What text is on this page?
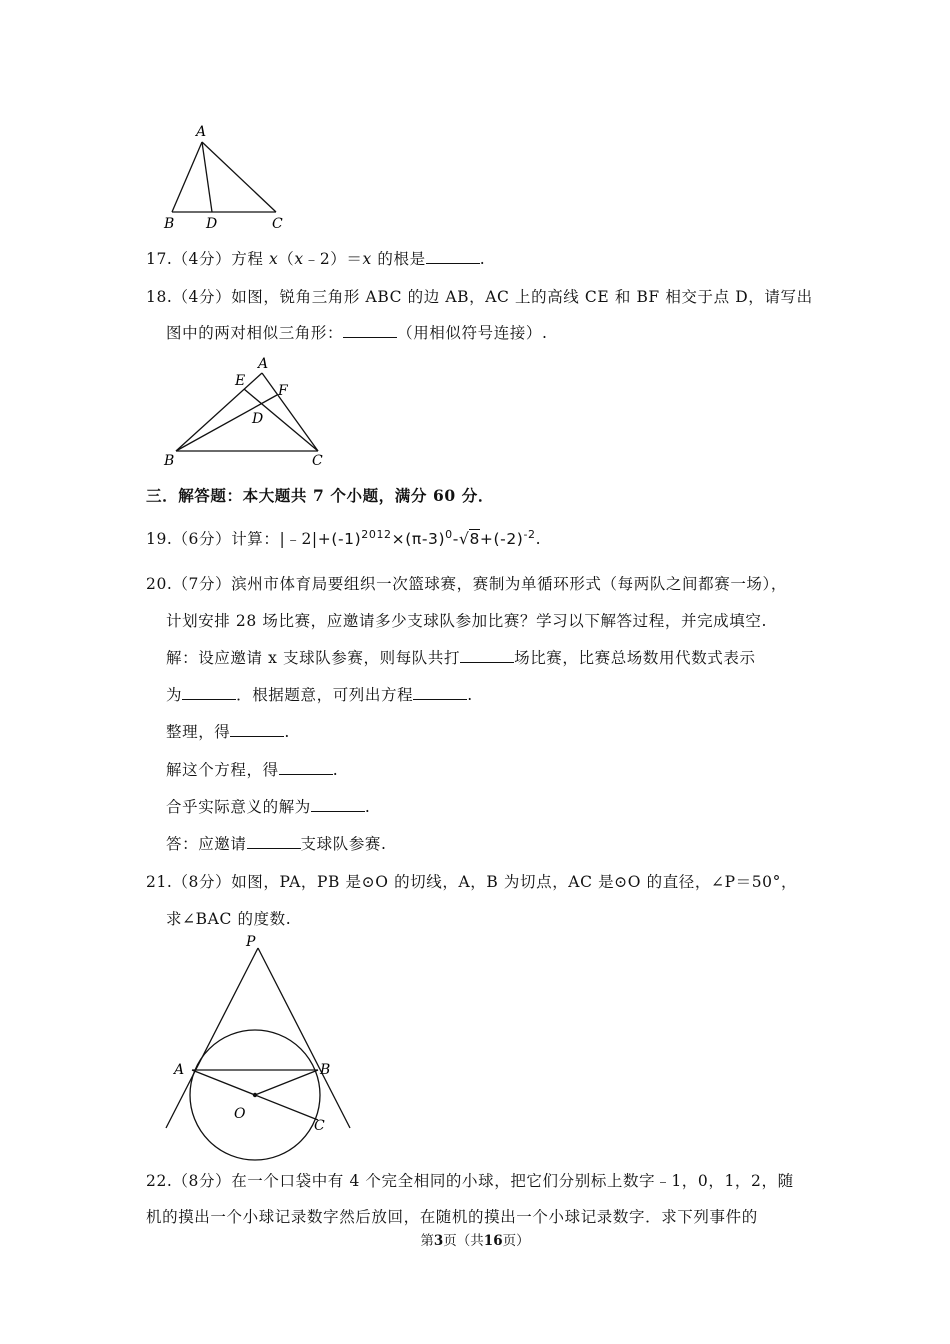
A
B D	C
17.（4分）方程 x（x﹣2）＝x 的根是	.
18.（4分）如图，锐角三角形 ABC 的边 AB，AC 上的高线 CE 和 BF 相交于点 D，请写出
图中的两对相似三角形：	（用相似符号连接）.
A
E
F
D
B	C
三．解答题：本大题共 7 个小题，满分 60 分．
19.（6分）计算：$|﹣2|+(-1)^{2012}\times(\pi-3)^0-√8+(-2)^{-2}$.
20.（7分）滨州市体育局要组织一次篮球赛，赛制为单循环形式（每两队之间都赛一场），
计划安排 28 场比赛，应邀请多少支球队参加比赛？学习以下解答过程，并完成填空.
解：设应邀请 x 支球队参赛，则每队共打	场比赛，比赛总场数用代数式表示
为	．根据题意，可列出方程	.
整理，得	.
解这个方程，得	.
合乎实际意义的解为	.
答：应邀请	支球队参赛.
21.（8分）如图，PA，PB 是⊙O 的切线，A，B 为切点，AC 是⊙O 的直径，∠P＝50°，
求∠BAC 的度数.
P
A	B
O
C
22.（8分）在一个口袋中有 4 个完全相同的小球，把它们分别标上数字﹣1，0，1，2，随
机的摸出一个小球记录数字然后放回，在随机的摸出一个小球记录数字．求下列事件的
第3页（共16页）
